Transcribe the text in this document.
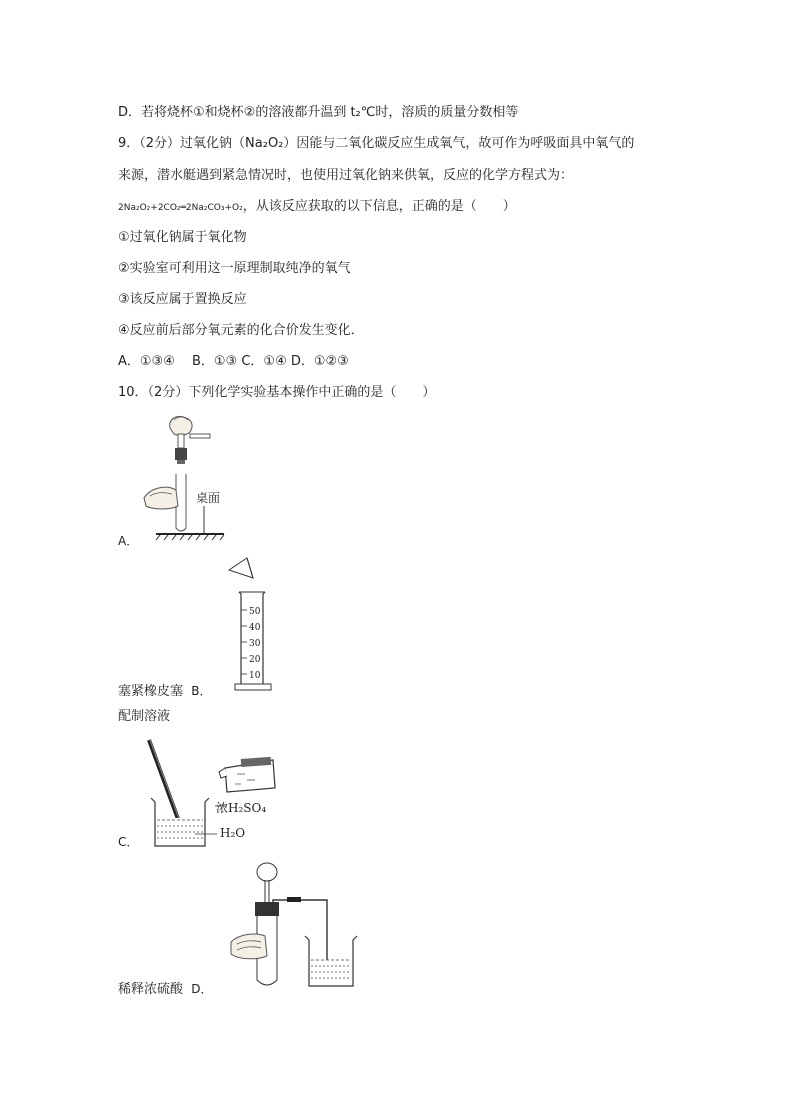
D．若将烧杯①和烧杯②的溶液都升温到 t₂℃时，溶质的质量分数相等
9．（2分）过氧化钠（Na₂O₂）因能与二氧化碳反应生成氧气，故可作为呼吸面具中氧气的
来源，潜水艇遇到紧急情况时，也使用过氧化钠来供氧，反应的化学方程式为：
2Na₂O₂+2CO₂═2Na₂CO₃+O₂，从该反应获取的以下信息，正确的是（　　）
①过氧化钠属于氧化物
②实验室可利用这一原理制取纯净的氧气
③该反应属于置换反应
④反应前后部分氧元素的化合价发生变化．
A．①③④　 B．①③ C．①④ D．①②③
10．（2分）下列化学实验基本操作中正确的是（　　）
桌面
A．
50
40
30
20
10
塞紧橡皮塞 B．
配制溶液
浓H₂SO₄
H₂O
C．
稀释浓硫酸 D．
